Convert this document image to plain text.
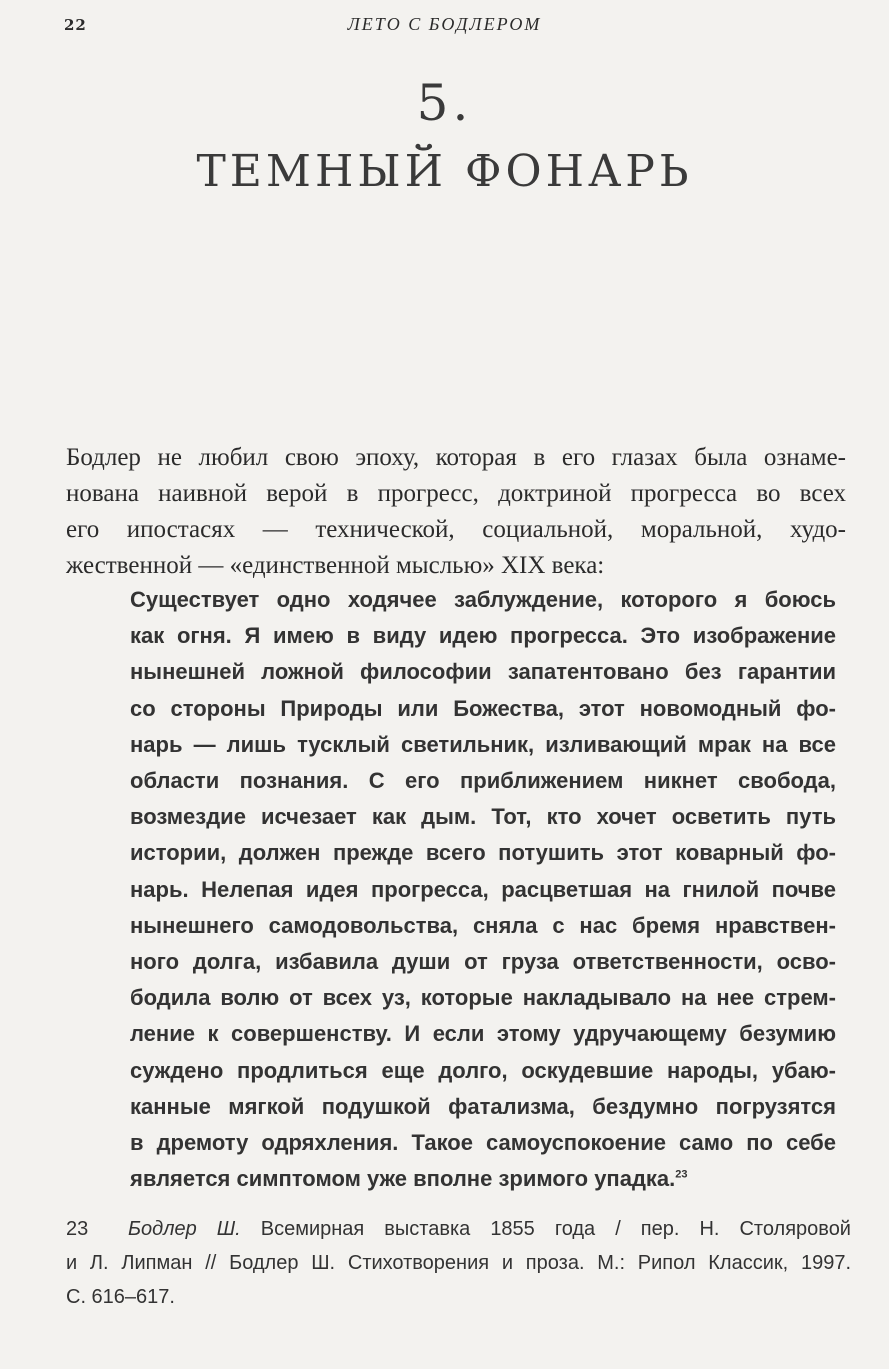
22	ЛЕТО С БОДЛЕРОМ
5.
ТЕМНЫЙ ФОНАРЬ
Бодлер не любил свою эпоху, которая в его глазах была ознаме-
нована наивной верой в прогресс, доктриной прогресса во всех
его ипостасях — технической, социальной, моральной, худо-
жественной — «единственной мыслью» XIX века:
Существует одно ходячее заблуждение, которого я боюсь
как огня. Я имею в виду идею прогресса. Это изображение
нынешней ложной философии запатентовано без гарантии
со стороны Природы или Божества, этот новомодный фо-
нарь — лишь тусклый светильник, изливающий мрак на все
области познания. С его приближением никнет свобода,
возмездие исчезает как дым. Тот, кто хочет осветить путь
истории, должен прежде всего потушить этот коварный фо-
нарь. Нелепая идея прогресса, расцветшая на гнилой почве
нынешнего самодовольства, сняла с нас бремя нравствен-
ного долга, избавила души от груза ответственности, осво-
бодила волю от всех уз, которые накладывало на нее стрем-
ление к совершенству. И если этому удручающему безумию
суждено продлиться еще долго, оскудевшие народы, убаю-
канные мягкой подушкой фатализма, бездумно погрузятся
в дремоту одряхления. Такое самоуспокоение само по себе
является симптомом уже вполне зримого упадка.$^{23}$
23 Бодлер Ш. Всемирная выставка 1855 года / пер. Н. Столяровой
и Л. Липман // Бодлер Ш. Стихотворения и проза. М.: Рипол Классик, 1997.
С. 616–617.
